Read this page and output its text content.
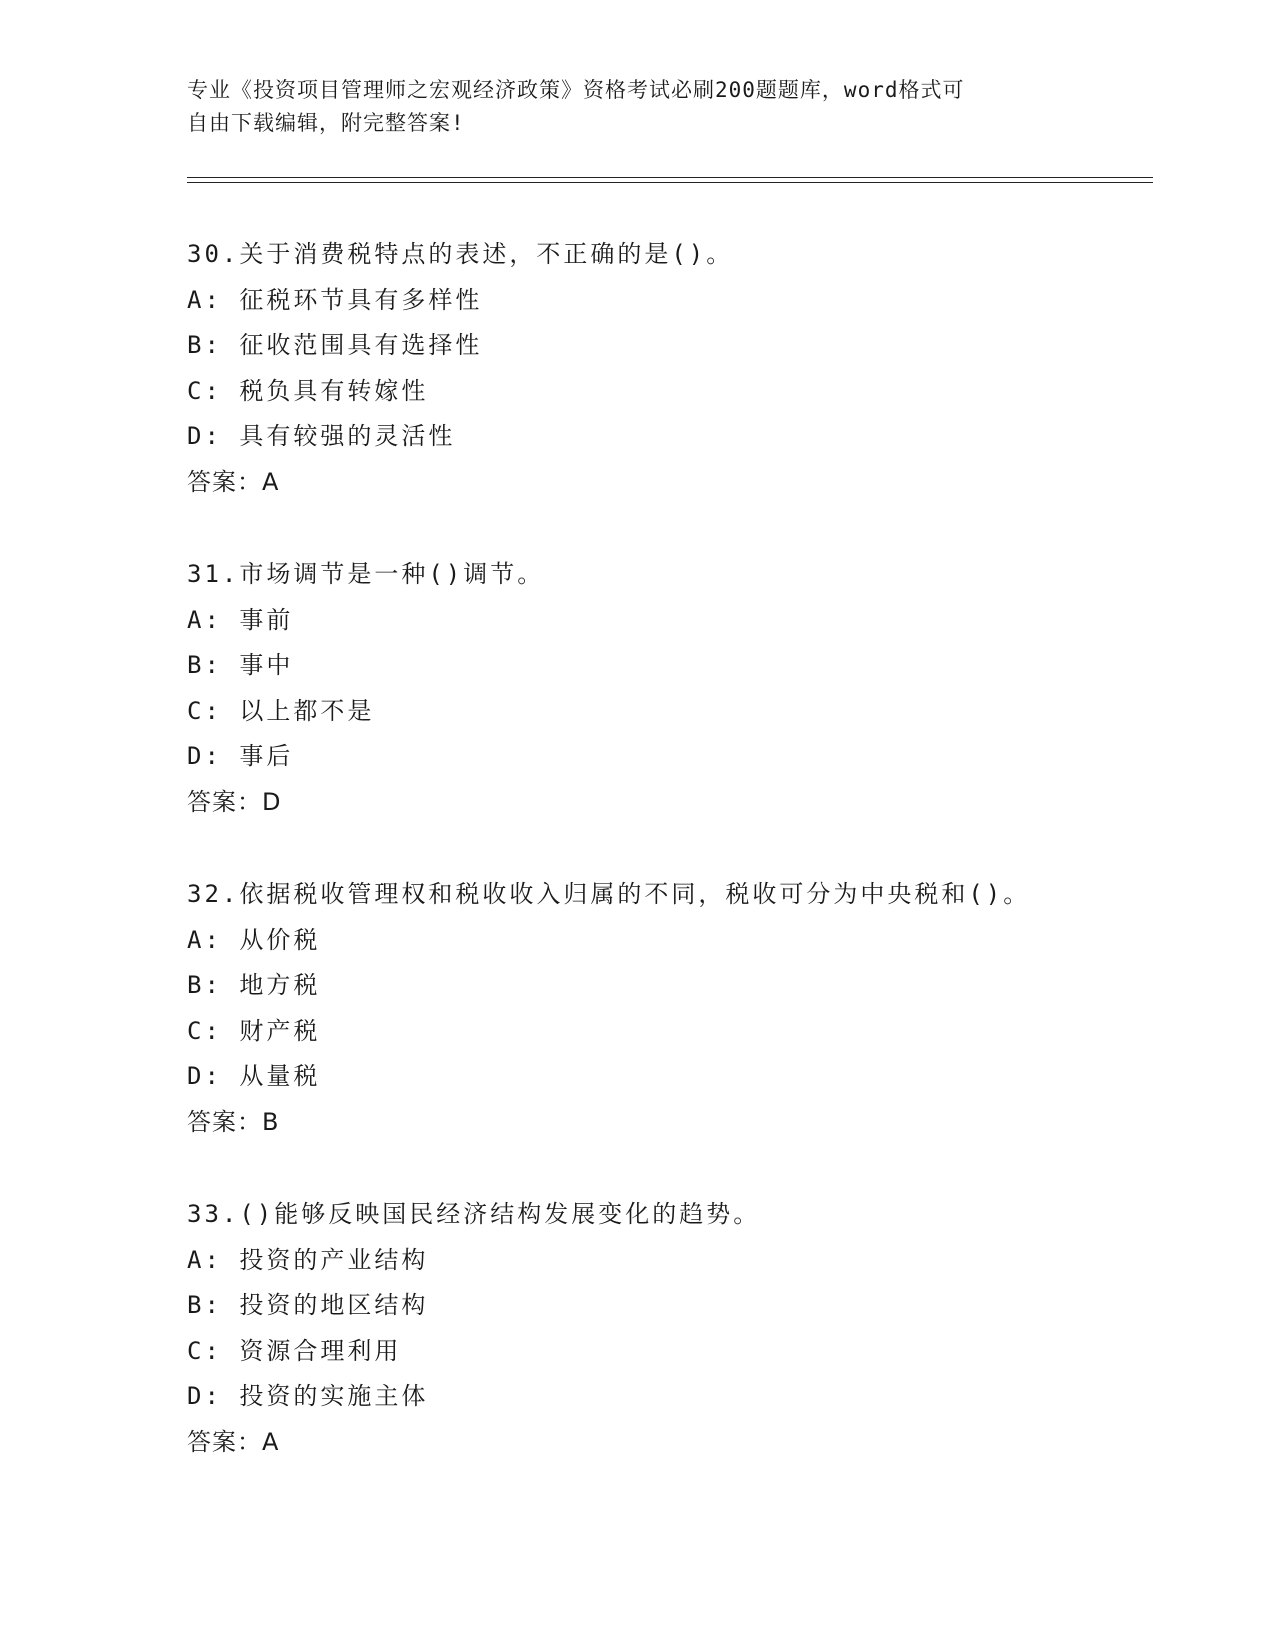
专业《投资项目管理师之宏观经济政策》资格考试必刷200题题库，word格式可
自由下载编辑，附完整答案!
30.关于消费税特点的表述，不正确的是()。
A: 征税环节具有多样性
B: 征收范围具有选择性
C: 税负具有转嫁性
D: 具有较强的灵活性
答案：A
31.市场调节是一种()调节。
A: 事前
B: 事中
C: 以上都不是
D: 事后
答案：D
32.依据税收管理权和税收收入归属的不同，税收可分为中央税和()。
A: 从价税
B: 地方税
C: 财产税
D: 从量税
答案：B
33.()能够反映国民经济结构发展变化的趋势。
A: 投资的产业结构
B: 投资的地区结构
C: 资源合理利用
D: 投资的实施主体
答案：A
